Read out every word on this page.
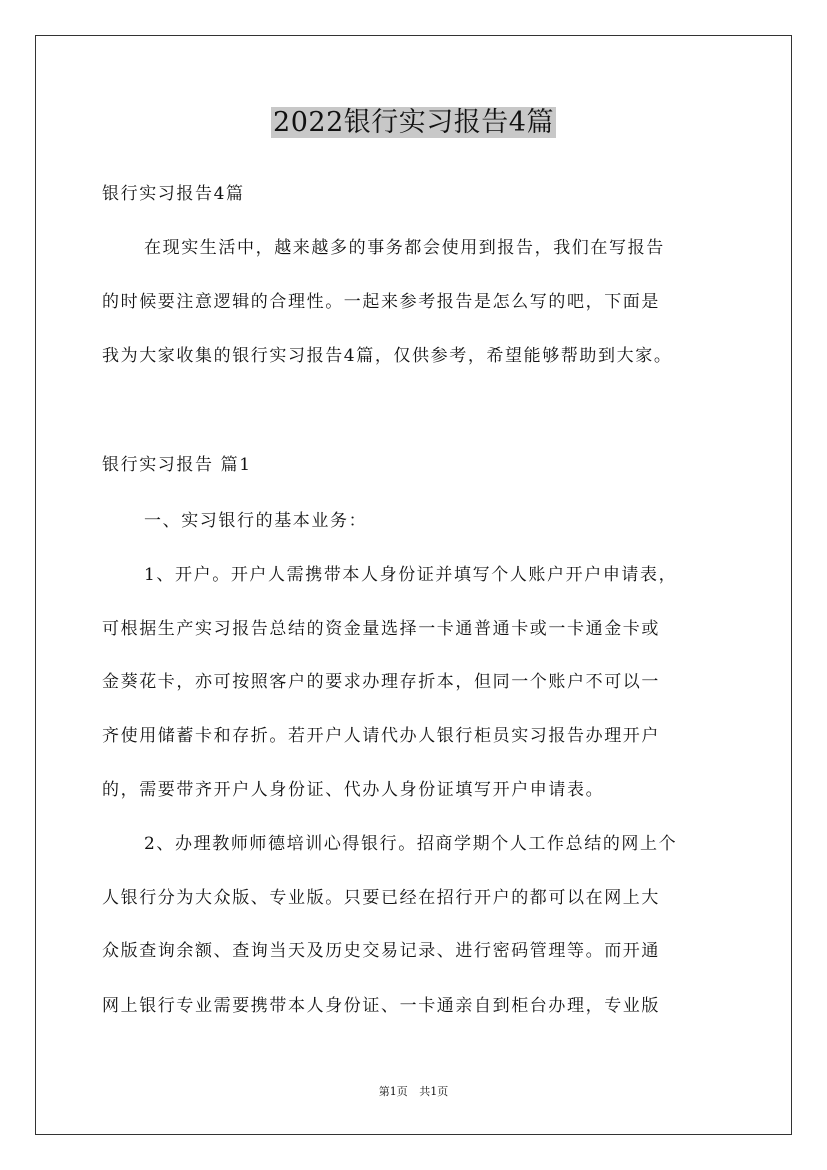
2022银行实习报告4篇
银行实习报告4篇
在现实生活中，越来越多的事务都会使用到报告，我们在写报告
的时候要注意逻辑的合理性。一起来参考报告是怎么写的吧，下面是
我为大家收集的银行实习报告4篇，仅供参考，希望能够帮助到大家。
银行实习报告 篇1
一、实习银行的基本业务：
1、开户。开户人需携带本人身份证并填写个人账户开户申请表，
可根据生产实习报告总结的资金量选择一卡通普通卡或一卡通金卡或
金葵花卡，亦可按照客户的要求办理存折本，但同一个账户不可以一
齐使用储蓄卡和存折。若开户人请代办人银行柜员实习报告办理开户
的，需要带齐开户人身份证、代办人身份证填写开户申请表。
2、办理教师师德培训心得银行。招商学期个人工作总结的网上个
人银行分为大众版、专业版。只要已经在招行开户的都可以在网上大
众版查询余额、查询当天及历史交易记录、进行密码管理等。而开通
网上银行专业需要携带本人身份证、一卡通亲自到柜台办理，专业版
第1页 共1页
